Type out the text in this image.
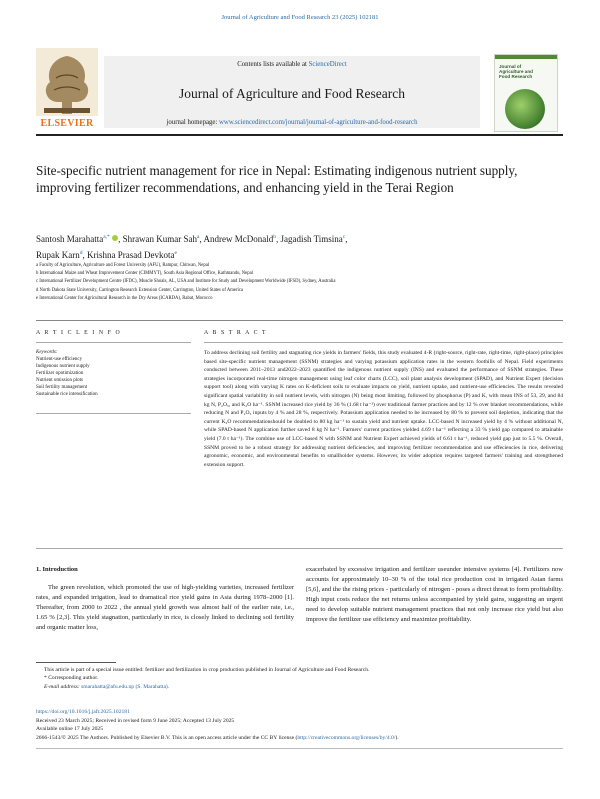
Journal of Agriculture and Food Research 23 (2025) 102181
ELSEVIER
Contents lists available at ScienceDirect
Journal of Agriculture and Food Research
journal homepage: www.sciencedirect.com/journal/journal-of-agriculture-and-food-research
Journal of Agriculture and Food Research
Site-specific nutrient management for rice in Nepal: Estimating indigenous nutrient supply, improving fertilizer recommendations, and enhancing yield in the Terai Region
Santosh Marahatta$^{a,*}$ , Shrawan Kumar Sah$^a$, Andrew McDonald$^b$, Jagadish Timsina$^c$,
Rupak Karn$^d$, Krishna Prasad Devkota$^e$
a Faculty of Agriculture, Agriculture and Forest University (AFU), Rampur, Chitwan, Nepal
b International Maize and Wheat Improvement Center (CIMMYT), South Asia Regional Office, Kathmandu, Nepal
c International Fertilizer Development Centre (IFDC), Muscle Shoals, AL, USA and Institute for Study and Development Worldwide (IFSD), Sydney, Australia
d North Dakota State University, Carrington Research Extension Center, Carrington, United States of America
e International Center for Agricultural Research in the Dry Areas (ICARDA), Rabat, Morocco
A R T I C L E I N F O	A B S T R A C T
Keywords:
Nutrient-use efficiency
Indigenous nutrient supply
Fertilizer opotimization
Nutrient omission plots
Soil fertility management
Sustainable rice intensification
To address declining soil fertility and stagnating rice yields in farmers' fields, this study evaluated 4-R (right-source, right-rate, right-time, right-place) principles based site-specific nutrient management (SSNM) strategies and varying potassium application rates in the western foothills of Nepal. Field experiments conducted between 2011–2013 and2022–2023 quantified the indigenous nutrient supply (INS) and evaluated the performance of SSNM strategies. These strategies incorporated real-time nitrogen management using leaf color charts (LCC), soil plant analysis development (SPAD), and Nutrient Expert (decision support tool) along with varying K rates on K-deficient soils to evaluate impacts on yield, nutrient uptake, and nutrient-use efficiencies. The results revealed significant spatial variability in soil nutrient levels, with nitrogen (N) being most limiting, followed by phosphorus (P) and K, with mean INS of 53, 29, and 84 kg N, P₂O₅, and K₂O ha⁻¹. SSNM increased rice yield by 36 % (1.68 t ha⁻¹) over traditional farmer practices and by 12 % over blanket recommendations, while reducing N and P₂O₅ inputs by 4 % and 28 %, respectively. Potassium application needed to be increased by 80 % to prevent soil depletion, indicating that the current K₂O recommendationshould be doubled to 80 kg ha⁻¹ to sustain yield and nutrient uptake. LCC-based N increased yield by 4 % without additional N, while SPAD-based N application further saved 8 kg N ha⁻¹. Farmers' current practices yielded 4.69 t ha⁻¹ reflecting a 33 % yield gap compared to attainable yield (7.0 t ha⁻¹). The combine use of LCC-based N with SSNM and Nutrient Expert achieved yields of 6.61 t ha⁻¹, reduced yield gap just to 5.5 %. Overall, SSNM proved to be a robust strategy for addressing nutrient deficiencies, and improving fertilizer recommendation and use effeciencies in rice, delivering agronomic, economic, and environmental benefits to smallholder systems. However, its wider adoption requires targeted farmers' training and strengthened extension support.
1. Introduction

The green revolution, which promoted the use of high-yielding varieties, increased fertilizer rates, and expanded irrigation, lead to dramatical rice yield gains in Asia during 1978–2000 [1]. Thereafter, from 2000 to 2022 , the annual yield growth was almost half of the earlier rate, i.e., 1.65 % [2,3]. This yield stagnation, particularly in rice, is closely linked to declining soil fertility and organic matter loss,

exacerbated by excessive irrigation and fertilizer useunder intensive systems [4]. Fertilizers now accounts for approximately 10–30 % of the total rice production cost in irrigated Asian farms [5,6], and the the rising prices - particularly of nitrogen - poses a direct threat to form profitability. High input costs reduce the net returns unless accompanied by yield gains, suggesting an urgent need to develop suitable nutrient management practices that not only increase rice yield but also improve the fertilizer use efficiency and maximize profitability.

This article is part of a special issue entitled: fertilizer and fertilization in crop production published in Journal of Agriculture and Food Research.
* Corresponding author.
E-mail address: smarahatta@afu.edu.np (S. Marahatta).
https://doi.org/10.1016/j.jafr.2025.102181
Received 23 March 2025; Received in revised form 9 June 2025; Accepted 13 July 2025
Available online 17 July 2025
2666-1543/© 2025 The Authors. Published by Elsevier B.V. This is an open access article under the CC BY license (http://creativecommons.org/licenses/by/4.0/).
